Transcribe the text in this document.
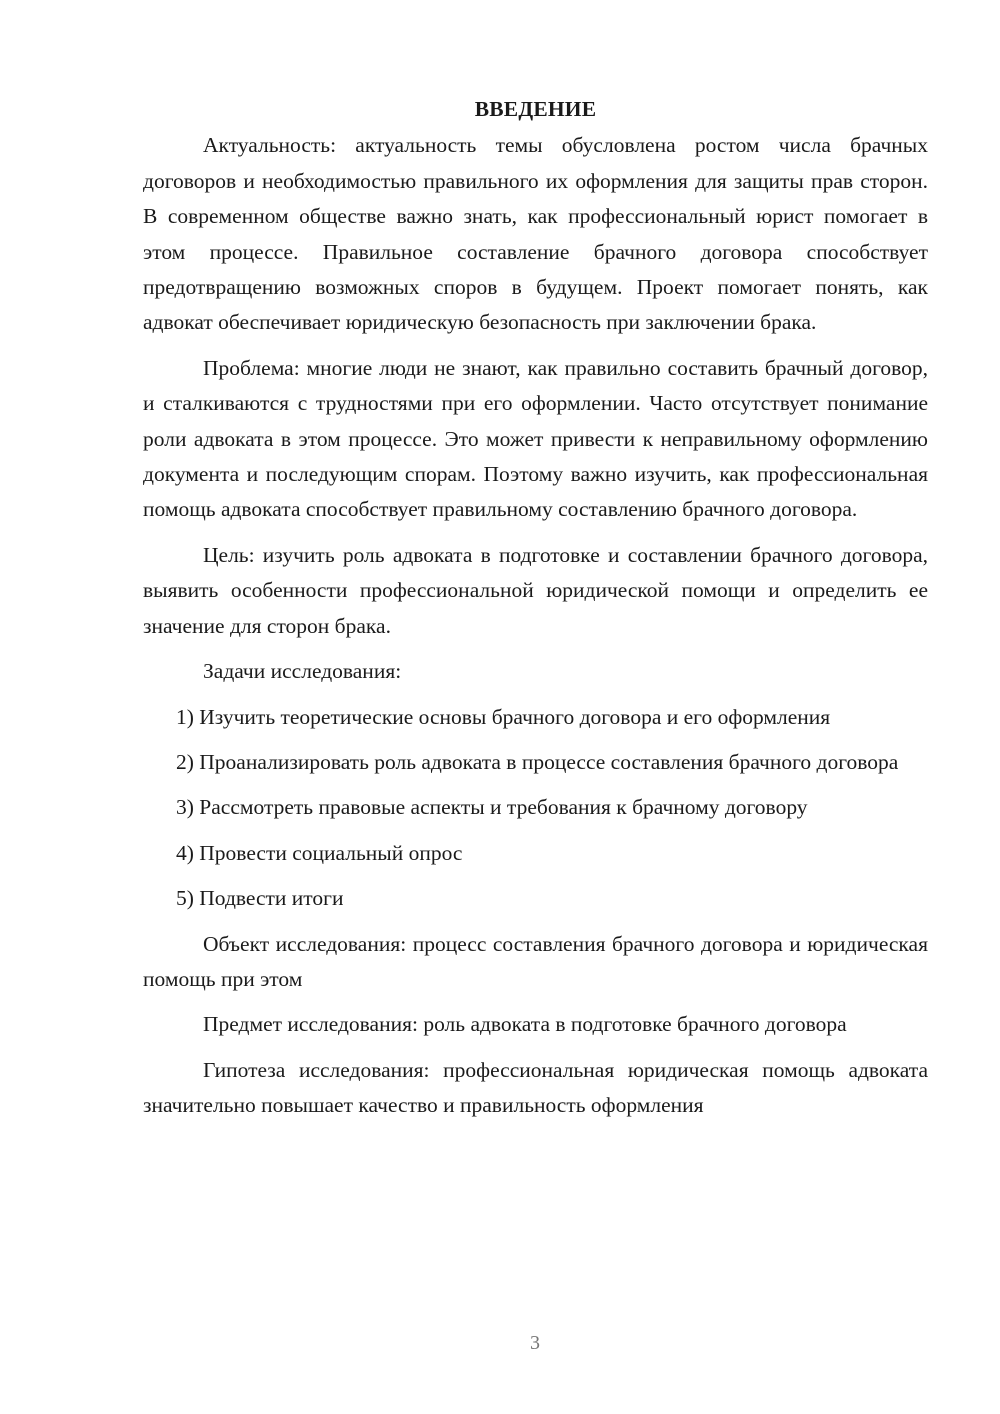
ВВЕДЕНИЕ

Актуальность: актуальность темы обусловлена ростом числа брачных договоров и необходимостью правильного их оформления для защиты прав сторон. В современном обществе важно знать, как профессиональный юрист помогает в этом процессе. Правильное составление брачного договора способствует предотвращению возможных споров в будущем. Проект помогает понять, как адвокат обеспечивает юридическую безопасность при заключении брака.

Проблема: многие люди не знают, как правильно составить брачный договор, и сталкиваются с трудностями при его оформлении. Часто отсутствует понимание роли адвоката в этом процессе. Это может привести к неправильному оформлению документа и последующим спорам. Поэтому важно изучить, как профессиональная помощь адвоката способствует правильному составлению брачного договора.

Цель: изучить роль адвоката в подготовке и составлении брачного договора, выявить особенности профессиональной юридической помощи и определить ее значение для сторон брака.

Задачи исследования:

1) Изучить теоретические основы брачного договора и его оформления

2) Проанализировать роль адвоката в процессе составления брачного договора

3) Рассмотреть правовые аспекты и требования к брачному договору

4) Провести социальный опрос

5) Подвести итоги

Объект исследования: процесс составления брачного договора и юридическая помощь при этом

Предмет исследования: роль адвоката в подготовке брачного договора

Гипотеза исследования: профессиональная юридическая помощь адвоката значительно повышает качество и правильность оформления

3
